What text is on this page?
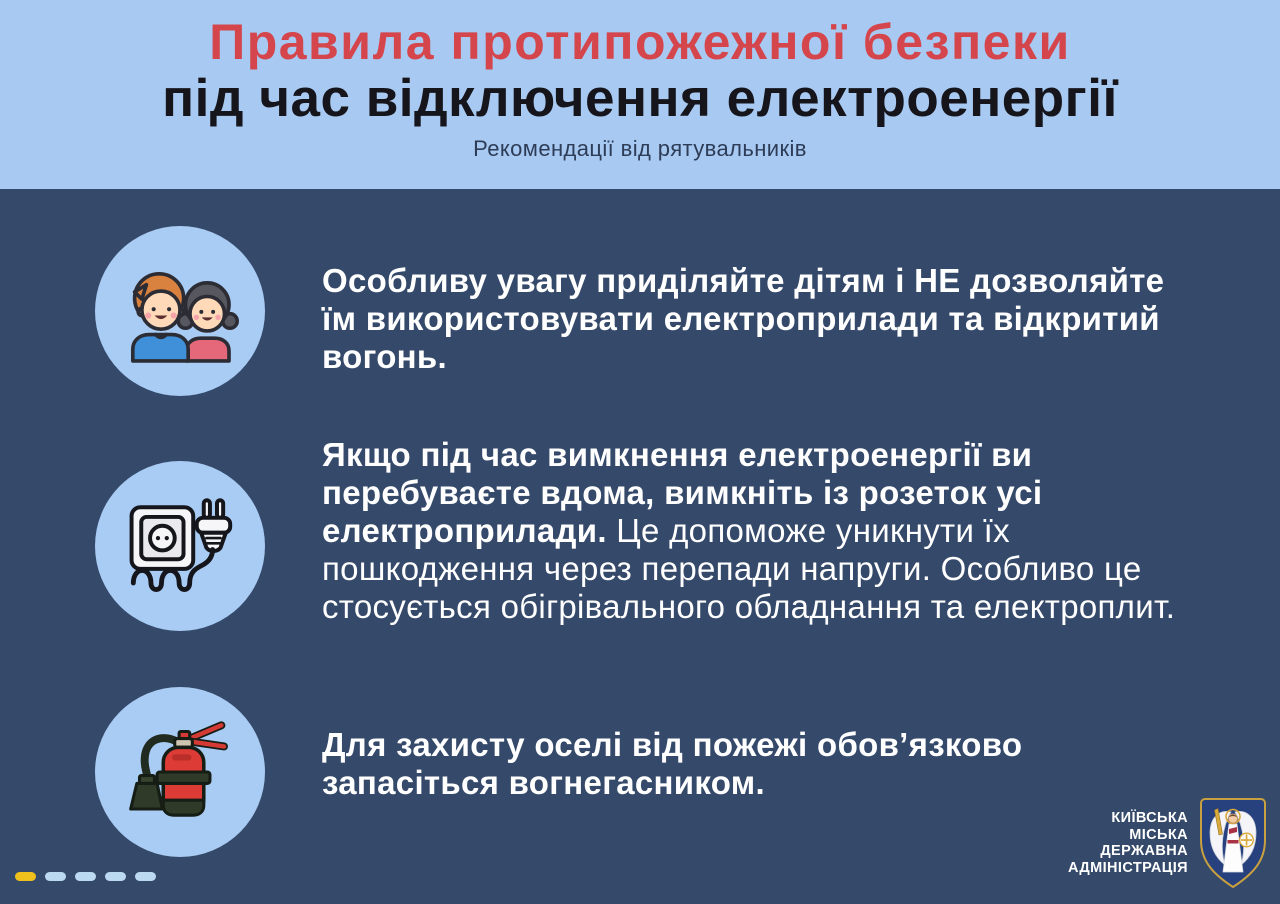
Правила протипожежної безпеки
під час відключення електроенергії
Рекомендації від рятувальників

Особливу увагу приділяйте дітям і НЕ дозволяйте їм використовувати електроприлади та відкритий вогонь.

Якщо під час вимкнення електроенергії ви перебуваєте вдома, вимкніть із розеток усі електроприлади. Це допоможе уникнути їх пошкодження через перепади напруги. Особливо це стосується обігрівального обладнання та електроплит.

Для захисту оселі від пожежі обов’язково запасіться вогнегасником.

КИЇВСЬКА
МІСЬКА
ДЕРЖАВНА
АДМІНІСТРАЦІЯ
